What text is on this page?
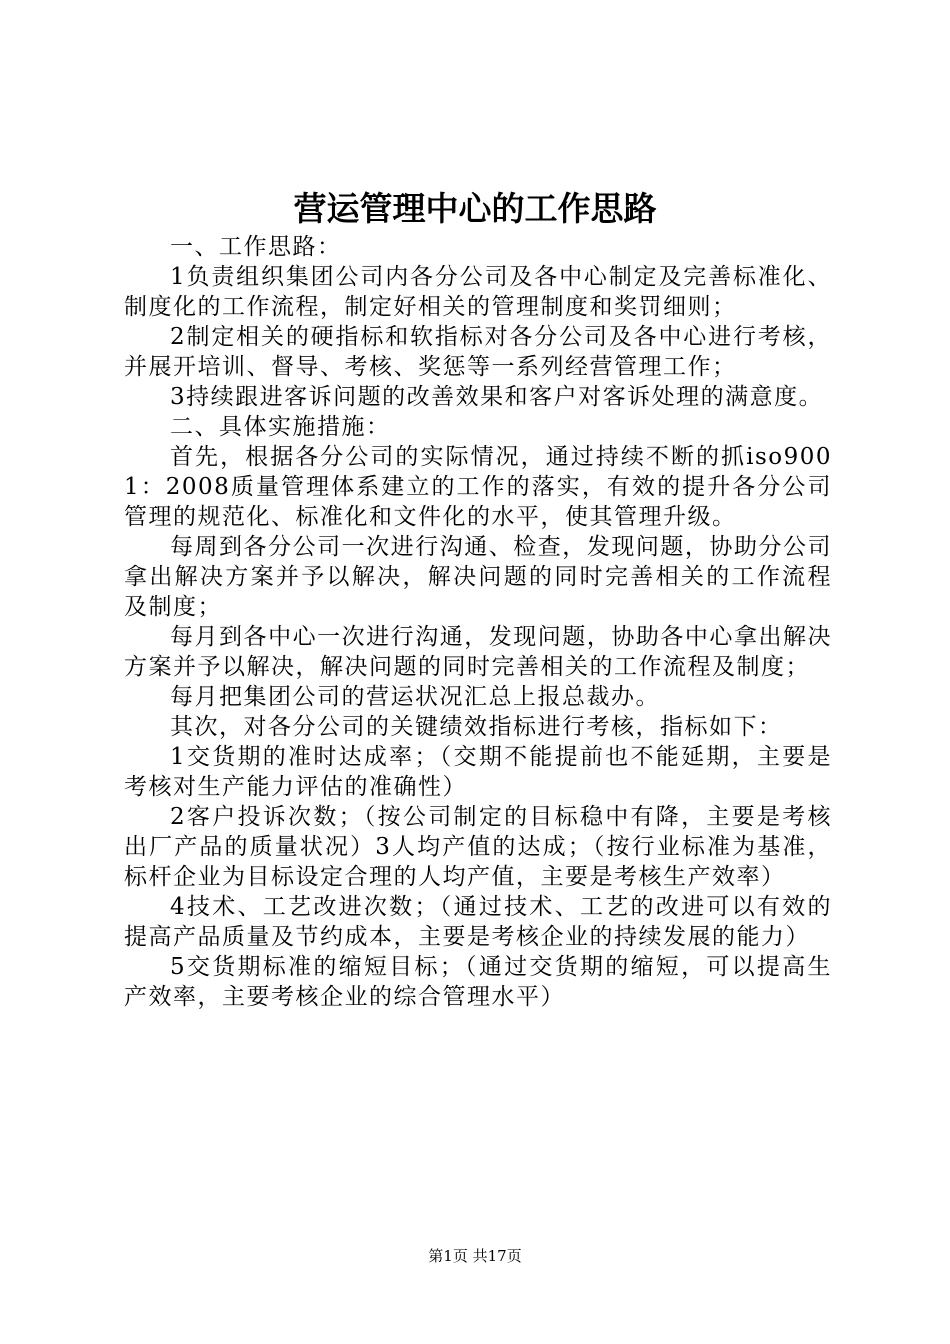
营运管理中心的工作思路

一、工作思路：

1负责组织集团公司内各分公司及各中心制定及完善标准化、制度化的工作流程，制定好相关的管理制度和奖罚细则；

2制定相关的硬指标和软指标对各分公司及各中心进行考核，并展开培训、督导、考核、奖惩等一系列经营管理工作；

3持续跟进客诉问题的改善效果和客户对客诉处理的满意度。

二、具体实施措施：

首先，根据各分公司的实际情况，通过持续不断的抓iso9001：2008质量管理体系建立的工作的落实，有效的提升各分公司管理的规范化、标准化和文件化的水平，使其管理升级。

每周到各分公司一次进行沟通、检查，发现问题，协助分公司拿出解决方案并予以解决，解决问题的同时完善相关的工作流程及制度；

每月到各中心一次进行沟通，发现问题，协助各中心拿出解决方案并予以解决，解决问题的同时完善相关的工作流程及制度；

每月把集团公司的营运状况汇总上报总裁办。

其次，对各分公司的关键绩效指标进行考核，指标如下：

1交货期的准时达成率；（交期不能提前也不能延期，主要是考核对生产能力评估的准确性）

2客户投诉次数；（按公司制定的目标稳中有降，主要是考核出厂产品的质量状况）3人均产值的达成；（按行业标准为基准，标杆企业为目标设定合理的人均产值，主要是考核生产效率）

4技术、工艺改进次数；（通过技术、工艺的改进可以有效的提高产品质量及节约成本，主要是考核企业的持续发展的能力）

5交货期标准的缩短目标；（通过交货期的缩短，可以提高生产效率，主要考核企业的综合管理水平）

第1页 共17页
